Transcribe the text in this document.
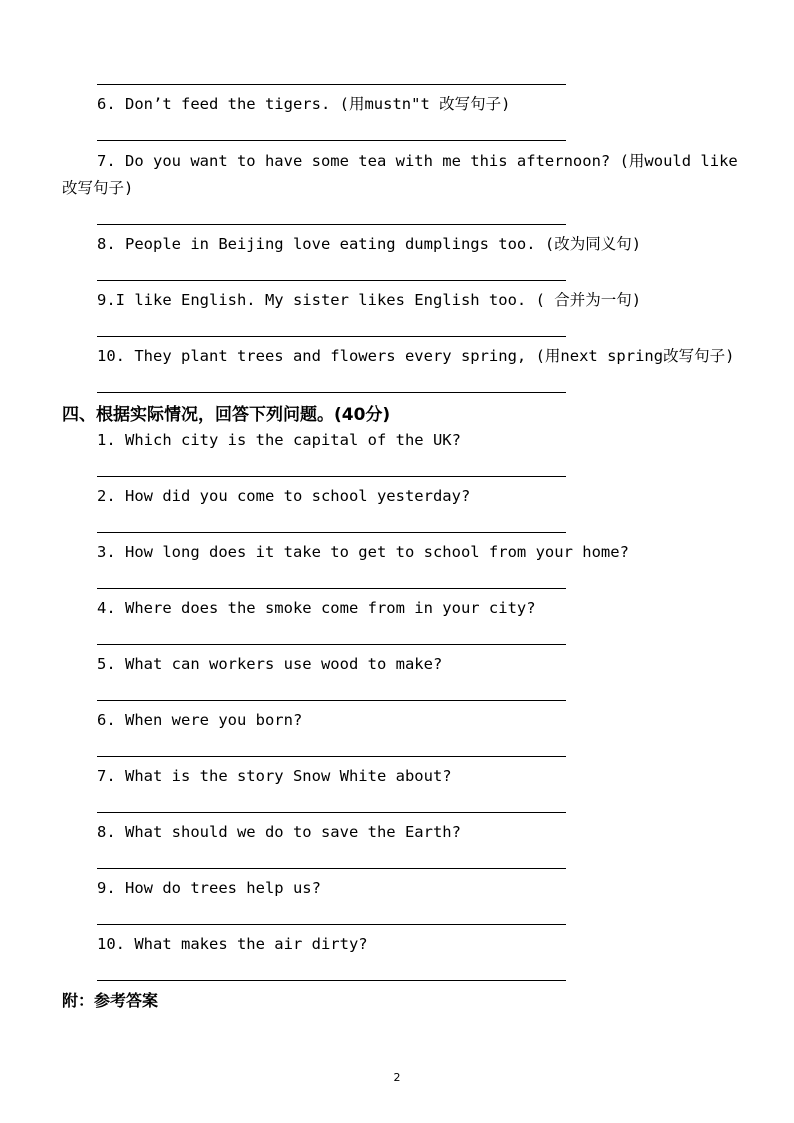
6. Don’t feed the tigers. (用mustn"t 改写句子)
7. Do you want to have some tea with me this afternoon? (用would like 改写句子)
8. People in Beijing love eating dumplings too. (改为同义句)
9.I like English. My sister likes English too. ( 合并为一句)
10. They plant trees and flowers every spring, (用next spring改写句子)
四、根据实际情况，回答下列问题。(40分)
1. Which city is the capital of the UK?
2. How did you come to school yesterday?
3. How long does it take to get to school from your home?
4. Where does the smoke come from in your city?
5. What can workers use wood to make?
6. When were you born?
7. What is the story Snow White about?
8. What should we do to save the Earth?
9. How do trees help us?
10. What makes the air dirty?
附：参考答案
2
